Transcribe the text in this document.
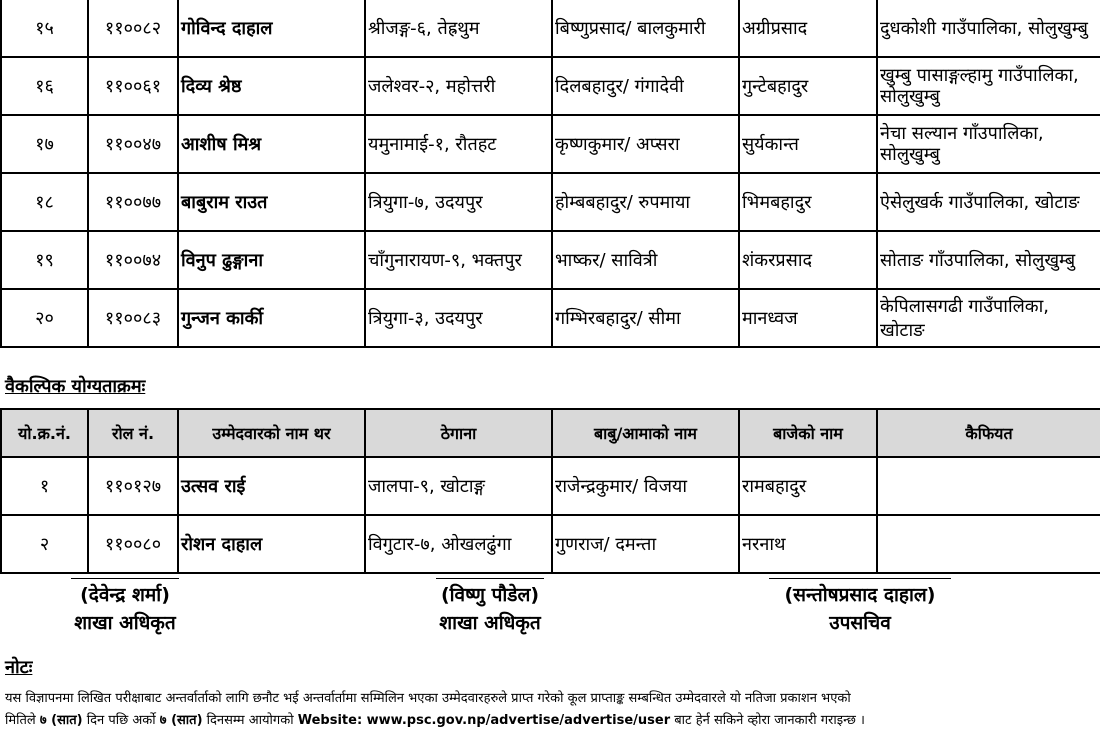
१५	११००८२	गोविन्द दाहाल	श्रीजङ्ग-६, तेह्रथुम	बिष्णुप्रसाद/ बालकुमारी	अग्रीप्रसाद	दुधकोशी गाउँपालिका, सोलुखुम्बु
१६	११००६१	दिव्य श्रेष्ठ	जलेश्वर-२, महोत्तरी	दिलबहादुर/ गंगादेवी	गुन्टेबहादुर	खुम्बु पासाङ्गल्हामु गाउँपालिका, सोलुखुम्बु
१७	११००४७	आशीष मिश्र	यमुनामाई-१, रौतहट	कृष्णकुमार/ अप्सरा	सुर्यकान्त	नेचा सल्यान गाँउपालिका, सोलुखुम्बु
१८	११००७७	बाबुराम राउत	त्रियुगा-७, उदयपुर	होम्बबहादुर/ रुपमाया	भिमबहादुर	ऐसेलुखर्क गाउँपालिका, खोटाङ
१९	११००७४	विनुप ढुङ्गाना	चाँगुनारायण-९, भक्तपुर	भाष्कर/ सावित्री	शंकरप्रसाद	सोताङ गाँउपालिका, सोलुखुम्बु
२०	११००८३	गुन्जन कार्की	त्रियुगा-३, उदयपुर	गम्भिरबहादुर/ सीमा	मानध्वज	केपिलासगढी गाउँपालिका, खोटाङ
वैकल्पिक योग्यताक्रमः
यो.क्र.नं.	रोल नं.	उम्मेदवारको नाम थर	ठेगाना	बाबु/आमाको नाम	बाजेको नाम	कैफियत
१	११०१२७	उत्सव राई	जालपा-९, खोटाङ्ग	राजेन्द्रकुमार/ विजया	रामबहादुर	
२	११००८०	रोशन दाहाल	विगुटार-७, ओखलढुंगा	गुणराज/ दमन्ता	नरनाथ	
(देवेन्द्र शर्मा)
शाखा अधिकृत
(विष्णु पौडेल)
शाखा अधिकृत
(सन्तोषप्रसाद दाहाल)
उपसचिव
नोटः
यस विज्ञापनमा लिखित परीक्षाबाट अन्तर्वार्ताको लागि छनौट भई अन्तर्वार्तामा सम्मिलिन भएका उम्मेदवारहरुले प्राप्त गरेको कूल प्राप्ताङ्क सम्बन्धित उम्मेदवारले यो नतिजा प्रकाशन भएको
मितिले ७ (सात) दिन पछि अर्को ७ (सात) दिनसम्म आयोगको Website: www.psc.gov.np/advertise/advertise/user बाट हेर्न सकिने व्होरा जानकारी गराइन्छ ।
